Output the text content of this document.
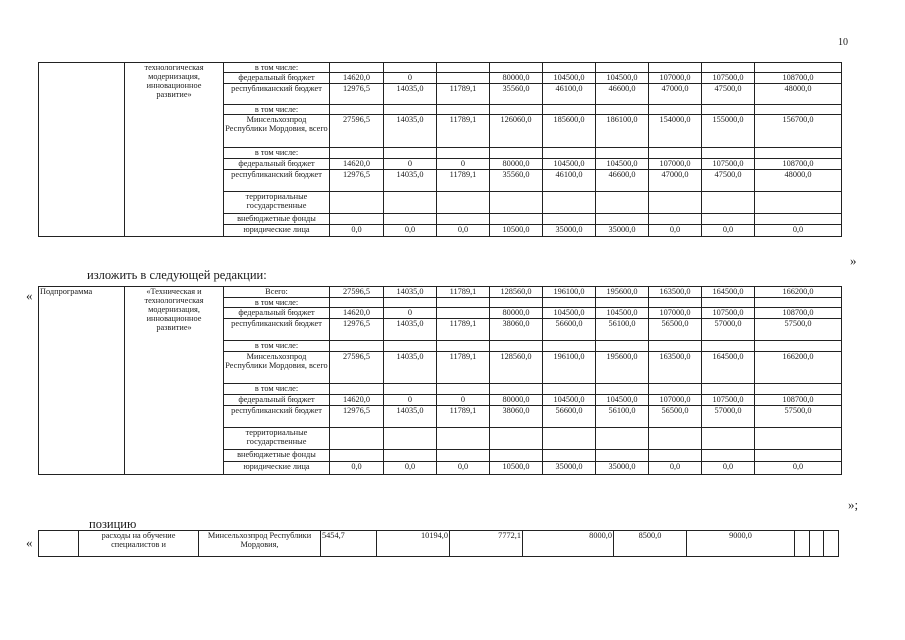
10

	технологическая
модернизация,
инновационное
развитие»	в том числе:									
		федеральный бюджет	14620,0	0		80000,0	104500,0	104500,0	107000,0	107500,0	108700,0
		республиканский бюджет	12976,5	14035,0	11789,1	35560,0	46100,0	46600,0	47000,0	47500,0	48000,0
		в том числе:									
		Минсельхозпрод Республики Мордовия, всего	27596,5	14035,0	11789,1	126060,0	185600,0	186100,0	154000,0	155000,0	156700,0
		в том числе:									
		федеральный бюджет	14620,0	0	0	80000,0	104500,0	104500,0	107000,0	107500,0	108700,0
		республиканский бюджет	12976,5	14035,0	11789,1	35560,0	46100,0	46600,0	47000,0	47500,0	48000,0
		территориальные государственные									
		внебюджетные фонды									
		юридические лица	0,0	0,0	0,0	10500,0	35000,0	35000,0	0,0	0,0	0,0
»
изложить в следующей редакции:
« Подпрограмма	«Техническая и
технологическая
модернизация,
инновационное
развитие»	Всего:	27596,5	14035,0	11789,1	128560,0	196100,0	195600,0	163500,0	164500,0	166200,0
		в том числе:									
		федеральный бюджет	14620,0	0		80000,0	104500,0	104500,0	107000,0	107500,0	108700,0
		республиканский бюджет	12976,5	14035,0	11789,1	38060,0	56600,0	56100,0	56500,0	57000,0	57500,0
		в том числе:									
		Минсельхозпрод Республики Мордовия, всего	27596,5	14035,0	11789,1	128560,0	196100,0	195600,0	163500,0	164500,0	166200,0
		в том числе:									
		федеральный бюджет	14620,0	0	0	80000,0	104500,0	104500,0	107000,0	107500,0	108700,0
		республиканский бюджет	12976,5	14035,0	11789,1	38060,0	56600,0	56100,0	56500,0	57000,0	57500,0
		территориальные государственные									
		внебюджетные фонды									
		юридические лица	0,0	0,0	0,0	10500,0	35000,0	35000,0	0,0	0,0	0,0
»;
позицию
«
		расходы на обучение специалистов и	Минсельхозпрод Республики Мордовия,	5454,7	10194,0	7772,1	8000,0	8500,0	9000,0			
